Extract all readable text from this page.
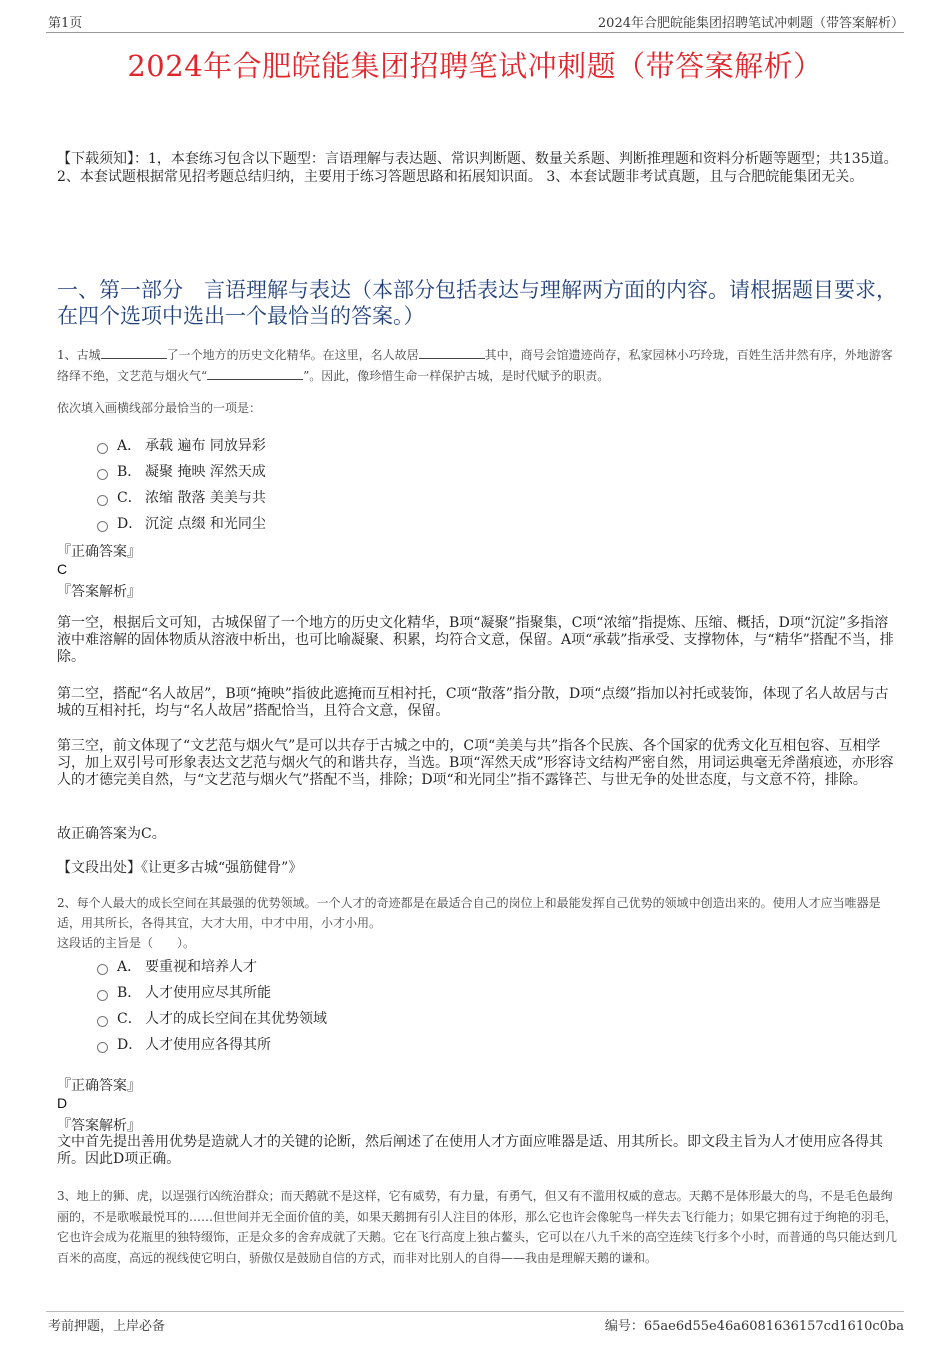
第1页	2024年合肥皖能集团招聘笔试冲刺题（带答案解析）
2024年合肥皖能集团招聘笔试冲刺题（带答案解析）
【下载须知】：1，本套练习包含以下题型：言语理解与表达题、常识判断题、数量关系题、判断推理题和资料分析题等题型；共135道。 2、本套试题根据常见招考题总结归纳，主要用于练习答题思路和拓展知识面。 3、本套试题非考试真题，且与合肥皖能集团无关。
一、第一部分　言语理解与表达（本部分包括表达与理解两方面的内容。请根据题目要求，在四个选项中选出一个最恰当的答案。）
1、古城	了一个地方的历史文化精华。在这里，名人故居	其中，商号会馆遗迹尚存，私家园林小巧玲珑，百姓生活井然有序，外地游客络绎不绝，文艺范与烟火气“	”。因此，像珍惜生命一样保护古城，是时代赋予的职责。
依次填入画横线部分最恰当的一项是：
A． 承载 遍布 同放异彩
B． 凝聚 掩映 浑然天成
C． 浓缩 散落 美美与共
D． 沉淀 点缀 和光同尘
『正确答案』
C
『答案解析』
第一空，根据后文可知，古城保留了一个地方的历史文化精华，B项“凝聚”指聚集，C项“浓缩”指提炼、压缩、概括，D项“沉淀”多指溶液中难溶解的固体物质从溶液中析出，也可比喻凝聚、积累，均符合文意，保留。A项“承载”指承受、支撑物体，与“精华”搭配不当，排除。
第二空，搭配“名人故居”，B项“掩映”指彼此遮掩而互相衬托，C项“散落”指分散，D项“点缀”指加以衬托或装饰，体现了名人故居与古城的互相衬托，均与“名人故居”搭配恰当，且符合文意，保留。
第三空，前文体现了“文艺范与烟火气”是可以共存于古城之中的，C项“美美与共”指各个民族、各个国家的优秀文化互相包容、互相学习，加上双引号可形象表达文艺范与烟火气的和谐共存，当选。B项“浑然天成”形容诗文结构严密自然，用词运典毫无斧凿痕迹，亦形容人的才德完美自然，与“文艺范与烟火气”搭配不当，排除；D项“和光同尘”指不露锋芒、与世无争的处世态度，与文意不符，排除。
故正确答案为C。
【文段出处】《让更多古城“强筋健骨”》
2、每个人最大的成长空间在其最强的优势领域。一个人才的奇迹都是在最适合自己的岗位上和最能发挥自己优势的领域中创造出来的。使用人才应当唯器是适，用其所长，各得其宜，大才大用，中才中用，小才小用。
这段话的主旨是（　　）。
A． 要重视和培养人才
B． 人才使用应尽其所能
C． 人才的成长空间在其优势领域
D． 人才使用应各得其所
『正确答案』
D
『答案解析』
文中首先提出善用优势是造就人才的关键的论断，然后阐述了在使用人才方面应唯器是适、用其所长。即文段主旨为人才使用应各得其所。因此D项正确。
3、地上的狮、虎，以逞强行凶统治群众；而天鹅就不是这样，它有威势，有力量，有勇气，但又有不滥用权威的意志。天鹅不是体形最大的鸟，不是毛色最绚丽的，不是歌喉最悦耳的……但世间并无全面价值的美，如果天鹅拥有引人注目的体形，那么它也许会像鸵鸟一样失去飞行能力；如果它拥有过于绚艳的羽毛，它也许会成为花瓶里的独特缀饰，正是众多的舍弃成就了天鹅。它在飞行高度上独占鳌头，它可以在八九千米的高空连续飞行多个小时，而普通的鸟只能达到几百米的高度，高远的视线使它明白，骄傲仅是鼓励自信的方式，而非对比别人的自得——我由是理解天鹅的谦和。
考前押题，上岸必备	编号：65ae6d55e46a6081636157cd1610c0ba
